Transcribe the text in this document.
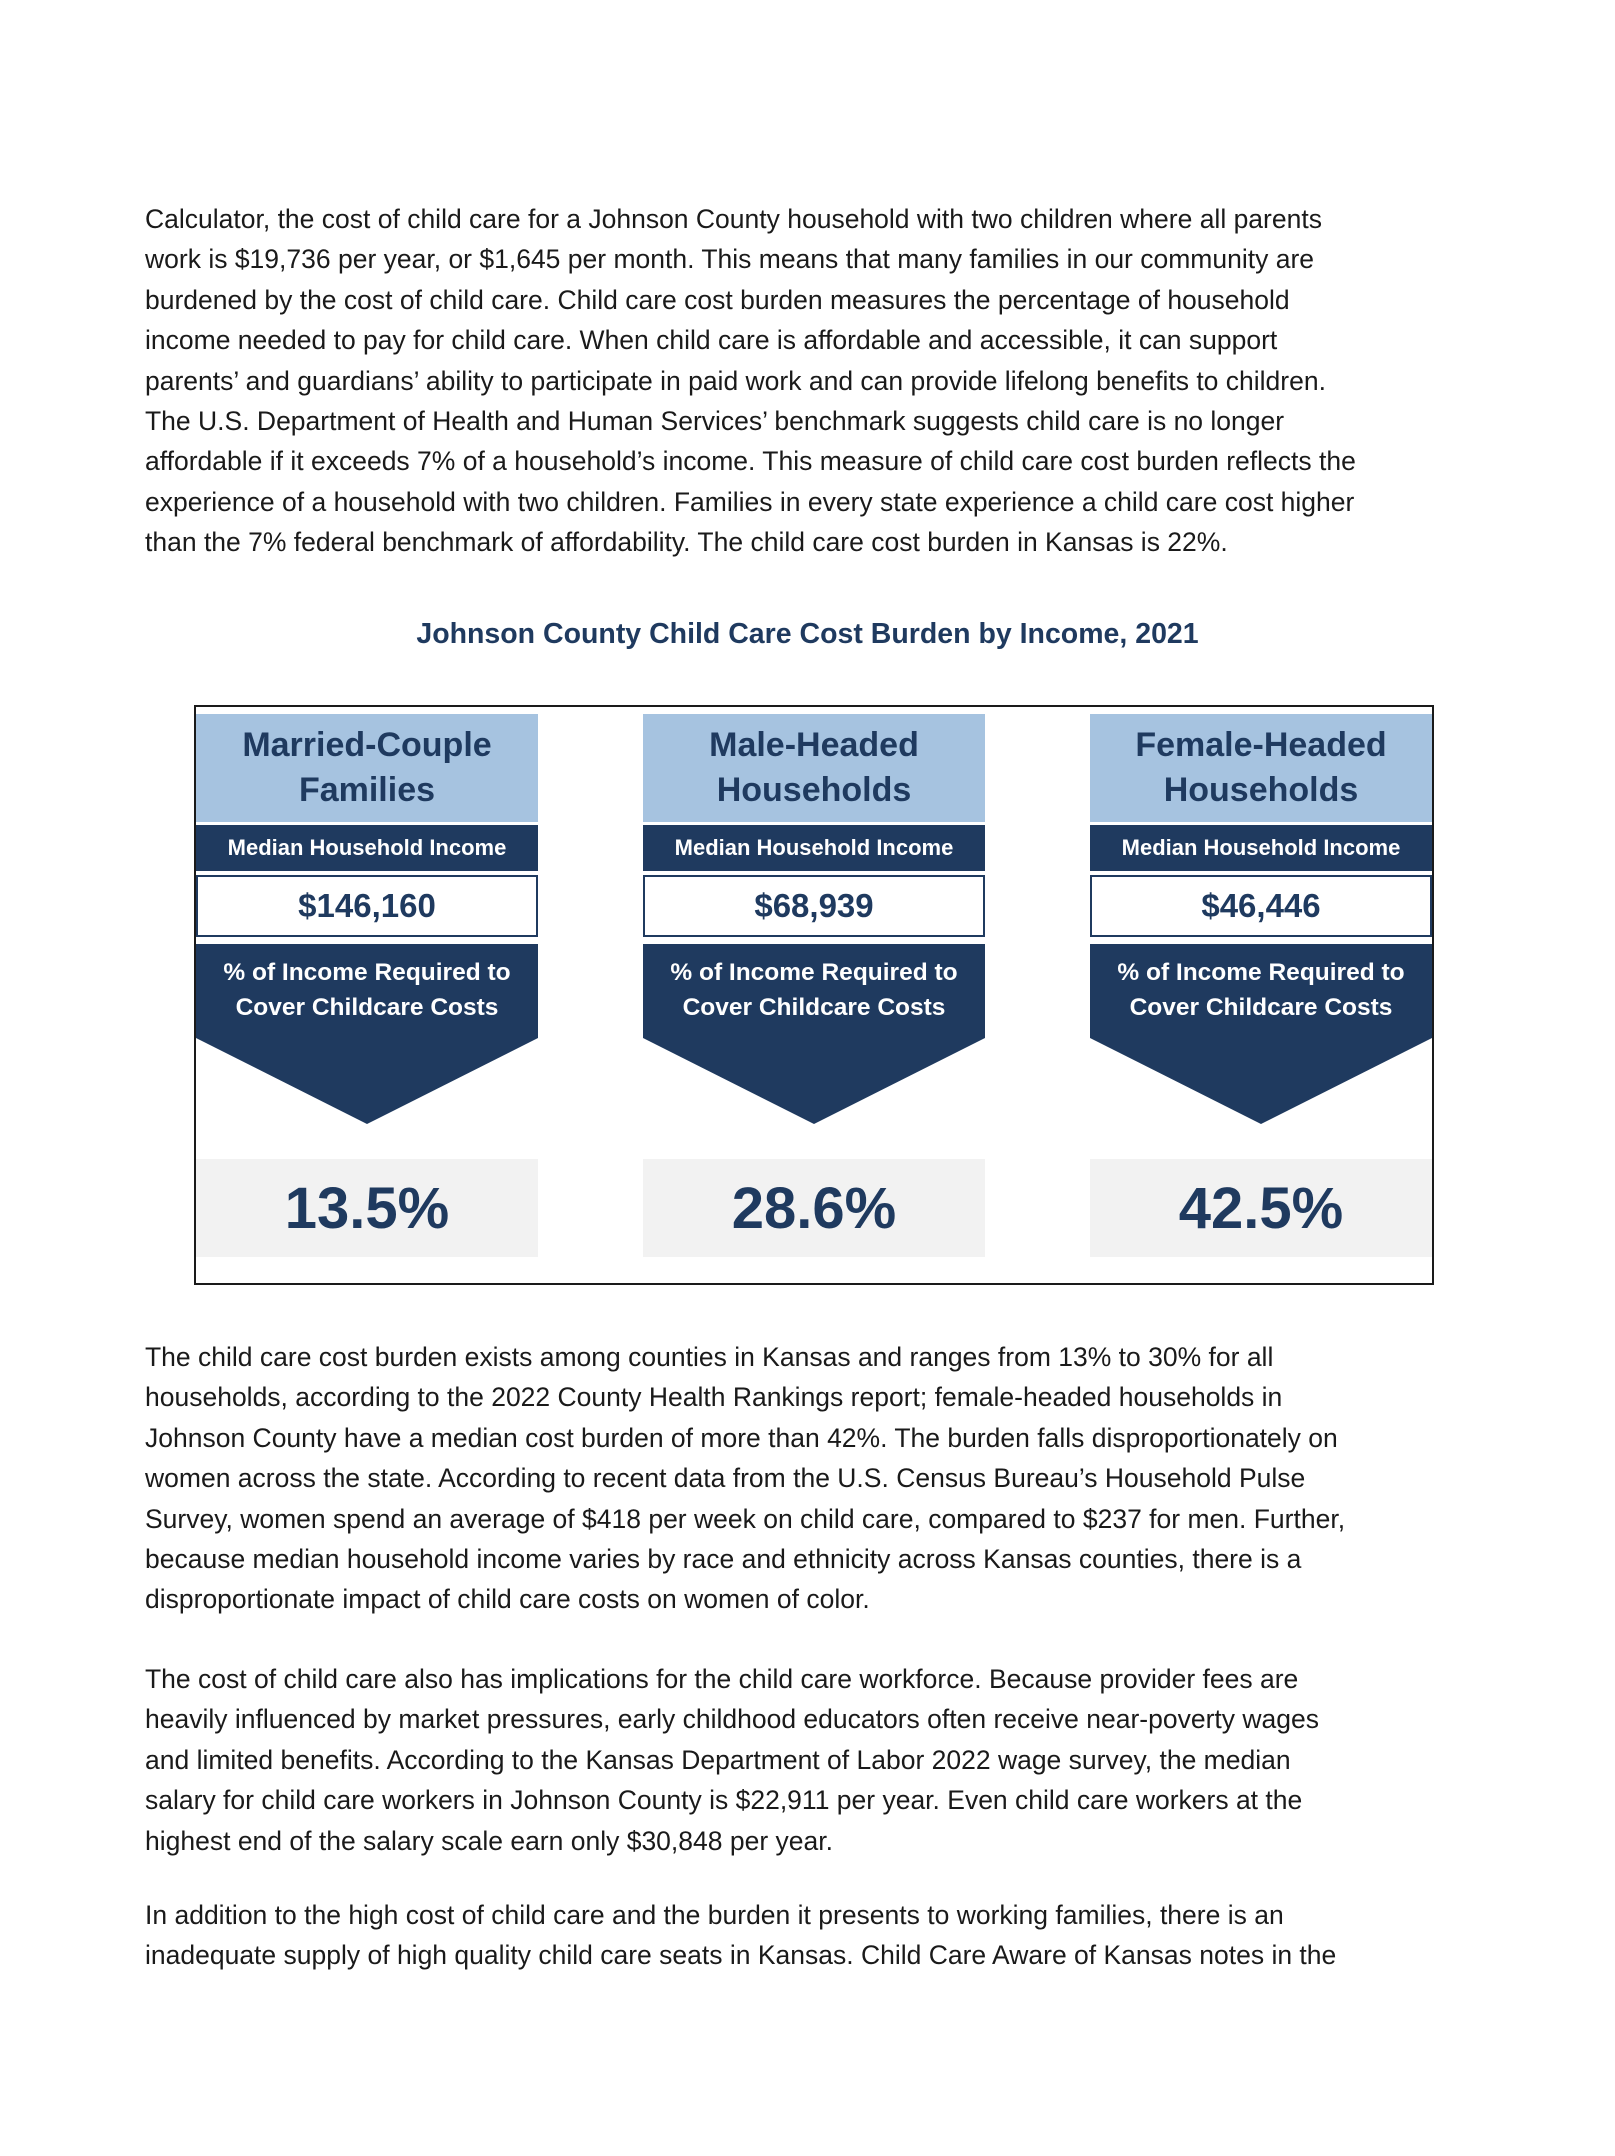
Calculator, the cost of child care for a Johnson County household with two children where all parents
work is $19,736 per year, or $1,645 per month. This means that many families in our community are
burdened by the cost of child care. Child care cost burden measures the percentage of household
income needed to pay for child care. When child care is affordable and accessible, it can support
parents’ and guardians’ ability to participate in paid work and can provide lifelong benefits to children.
The U.S. Department of Health and Human Services’ benchmark suggests child care is no longer
affordable if it exceeds 7% of a household’s income. This measure of child care cost burden reflects the
experience of a household with two children. Families in every state experience a child care cost higher
than the 7% federal benchmark of affordability. The child care cost burden in Kansas is 22%.
Johnson County Child Care Cost Burden by Income, 2021
Married-Couple
Families
Median Household Income
$146,160
% of Income Required to
Cover Childcare Costs
13.5%
Male-Headed
Households
Median Household Income
$68,939
% of Income Required to
Cover Childcare Costs
28.6%
Female-Headed
Households
Median Household Income
$46,446
% of Income Required to
Cover Childcare Costs
42.5%
The child care cost burden exists among counties in Kansas and ranges from 13% to 30% for all
households, according to the 2022 County Health Rankings report; female-headed households in
Johnson County have a median cost burden of more than 42%. The burden falls disproportionately on
women across the state. According to recent data from the U.S. Census Bureau’s Household Pulse
Survey, women spend an average of $418 per week on child care, compared to $237 for men. Further,
because median household income varies by race and ethnicity across Kansas counties, there is a
disproportionate impact of child care costs on women of color.
The cost of child care also has implications for the child care workforce. Because provider fees are
heavily influenced by market pressures, early childhood educators often receive near-poverty wages
and limited benefits. According to the Kansas Department of Labor 2022 wage survey, the median
salary for child care workers in Johnson County is $22,911 per year. Even child care workers at the
highest end of the salary scale earn only $30,848 per year.
In addition to the high cost of child care and the burden it presents to working families, there is an
inadequate supply of high quality child care seats in Kansas. Child Care Aware of Kansas notes in the
